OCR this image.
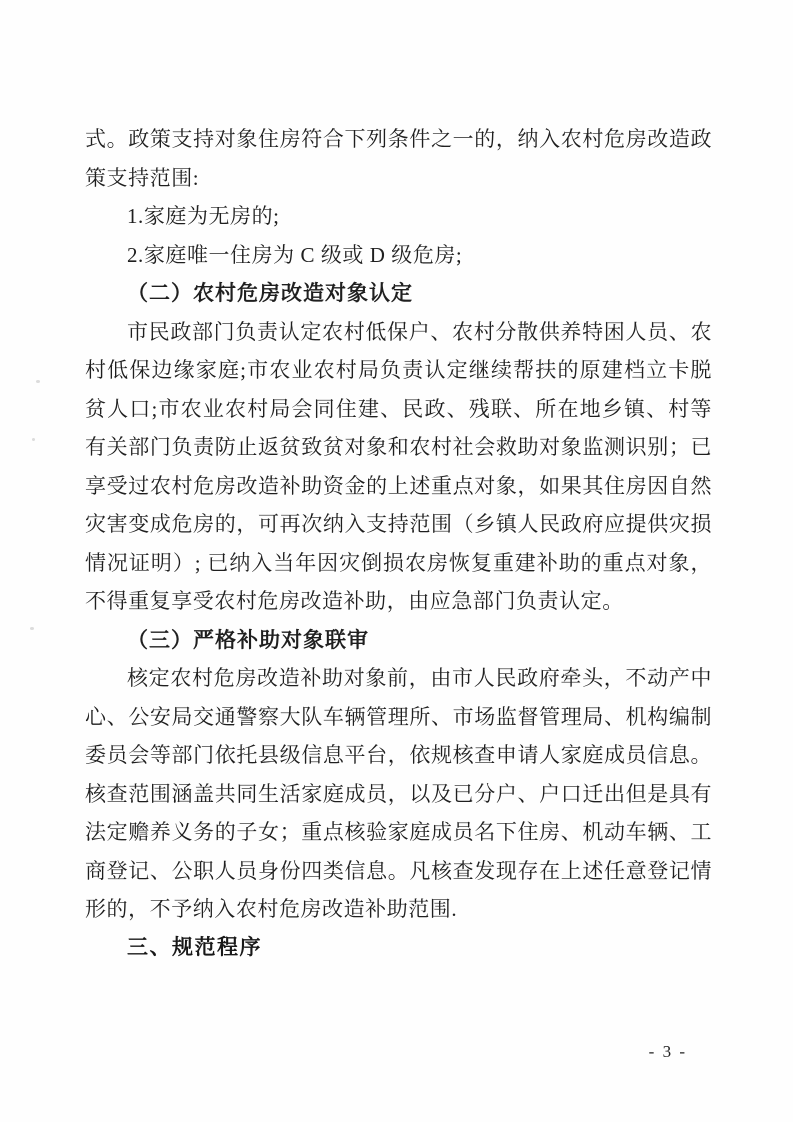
式。政策支持对象住房符合下列条件之一的，纳入农村危房改造政策支持范围:

1.家庭为无房的;

2.家庭唯一住房为 C 级或 D 级危房;

（二）农村危房改造对象认定

市民政部门负责认定农村低保户、农村分散供养特困人员、农村低保边缘家庭;市农业农村局负责认定继续帮扶的原建档立卡脱贫人口;市农业农村局会同住建、民政、残联、所在地乡镇、村等有关部门负责防止返贫致贫对象和农村社会救助对象监测识别；已享受过农村危房改造补助资金的上述重点对象，如果其住房因自然灾害变成危房的，可再次纳入支持范围（乡镇人民政府应提供灾损情况证明）; 已纳入当年因灾倒损农房恢复重建补助的重点对象，不得重复享受农村危房改造补助，由应急部门负责认定。

（三）严格补助对象联审

核定农村危房改造补助对象前，由市人民政府牵头，不动产中心、公安局交通警察大队车辆管理所、市场监督管理局、机构编制委员会等部门依托县级信息平台，依规核查申请人家庭成员信息。核查范围涵盖共同生活家庭成员，以及已分户、户口迁出但是具有法定赡养义务的子女；重点核验家庭成员名下住房、机动车辆、工商登记、公职人员身份四类信息。凡核查发现存在上述任意登记情形的，不予纳入农村危房改造补助范围.

三、规范程序
- 3 -
